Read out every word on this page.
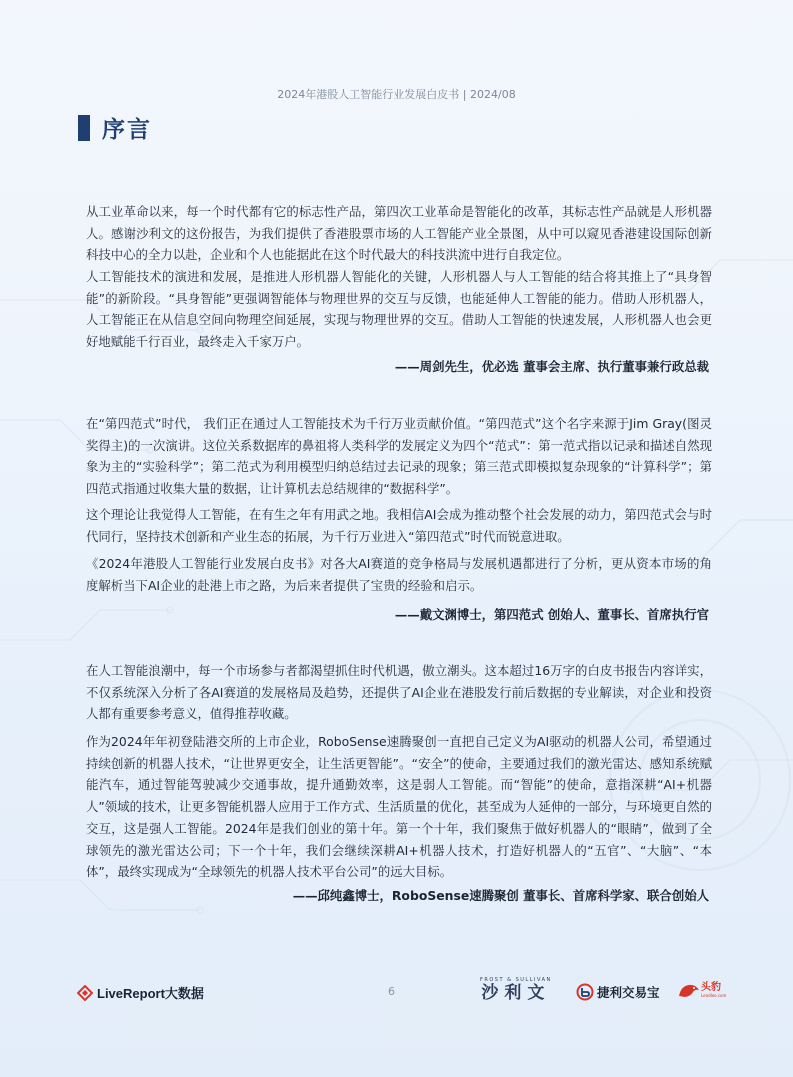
2024年港股人工智能行业发展白皮书 | 2024/08
序言

从工业革命以来，每一个时代都有它的标志性产品，第四次工业革命是智能化的改革，其标志性产品就是人形机器人。感谢沙利文的这份报告，为我们提供了香港股票市场的人工智能产业全景图，从中可以窥见香港建设国际创新科技中心的全力以赴，企业和个人也能据此在这个时代最大的科技洪流中进行自我定位。

人工智能技术的演进和发展，是推进人形机器人智能化的关键，人形机器人与人工智能的结合将其推上了“具身智能”的新阶段。“具身智能”更强调智能体与物理世界的交互与反馈，也能延伸人工智能的能力。借助人形机器人，人工智能正在从信息空间向物理空间延展，实现与物理世界的交互。借助人工智能的快速发展，人形机器人也会更好地赋能千行百业，最终走入千家万户。

——周剑先生，优必选 董事会主席、执行董事兼行政总裁

在“第四范式”时代， 我们正在通过人工智能技术为千行万业贡献价值。“第四范式”这个名字来源于Jim Gray(图灵奖得主)的一次演讲。这位关系数据库的鼻祖将人类科学的发展定义为四个“范式”：第一范式指以记录和描述自然现象为主的“实验科学”；第二范式为利用模型归纳总结过去记录的现象；第三范式即模拟复杂现象的“计算科学”；第四范式指通过收集大量的数据，让计算机去总结规律的“数据科学”。

这个理论让我觉得人工智能，在有生之年有用武之地。我相信AI会成为推动整个社会发展的动力，第四范式会与时代同行，坚持技术创新和产业生态的拓展，为千行万业进入“第四范式”时代而锐意进取。

《2024年港股人工智能行业发展白皮书》对各大AI赛道的竞争格局与发展机遇都进行了分析，更从资本市场的角度解析当下AI企业的赴港上市之路，为后来者提供了宝贵的经验和启示。

——戴文渊博士，第四范式 创始人、董事长、首席执行官

在人工智能浪潮中，每一个市场参与者都渴望抓住时代机遇，傲立潮头。这本超过16万字的白皮书报告内容详实，不仅系统深入分析了各AI赛道的发展格局及趋势，还提供了AI企业在港股发行前后数据的专业解读，对企业和投资人都有重要参考意义，值得推荐收藏。

作为2024年年初登陆港交所的上市企业，RoboSense速腾聚创一直把自己定义为AI驱动的机器人公司，希望通过持续创新的机器人技术，“让世界更安全，让生活更智能”。“安全”的使命，主要通过我们的激光雷达、感知系统赋能汽车，通过智能驾驶减少交通事故，提升通勤效率，这是弱人工智能。而“智能”的使命，意指深耕“AI+机器人”领域的技术，让更多智能机器人应用于工作方式、生活质量的优化，甚至成为人延伸的一部分，与环境更自然的交互，这是强人工智能。2024年是我们创业的第十年。第一个十年，我们聚焦于做好机器人的“眼睛”，做到了全球领先的激光雷达公司；下一个十年，我们会继续深耕AI+机器人技术，打造好机器人的“五官”、“大脑”、“本体”，最终实现成为“全球领先的机器人技术平台公司”的远大目标。

——邱纯鑫博士，RoboSense速腾聚创 董事长、首席科学家、联合创始人
LiveReport大数据	6
FROST & SULLIVAN
沙利文	捷利交易宝	头豹
Leadleo.com
